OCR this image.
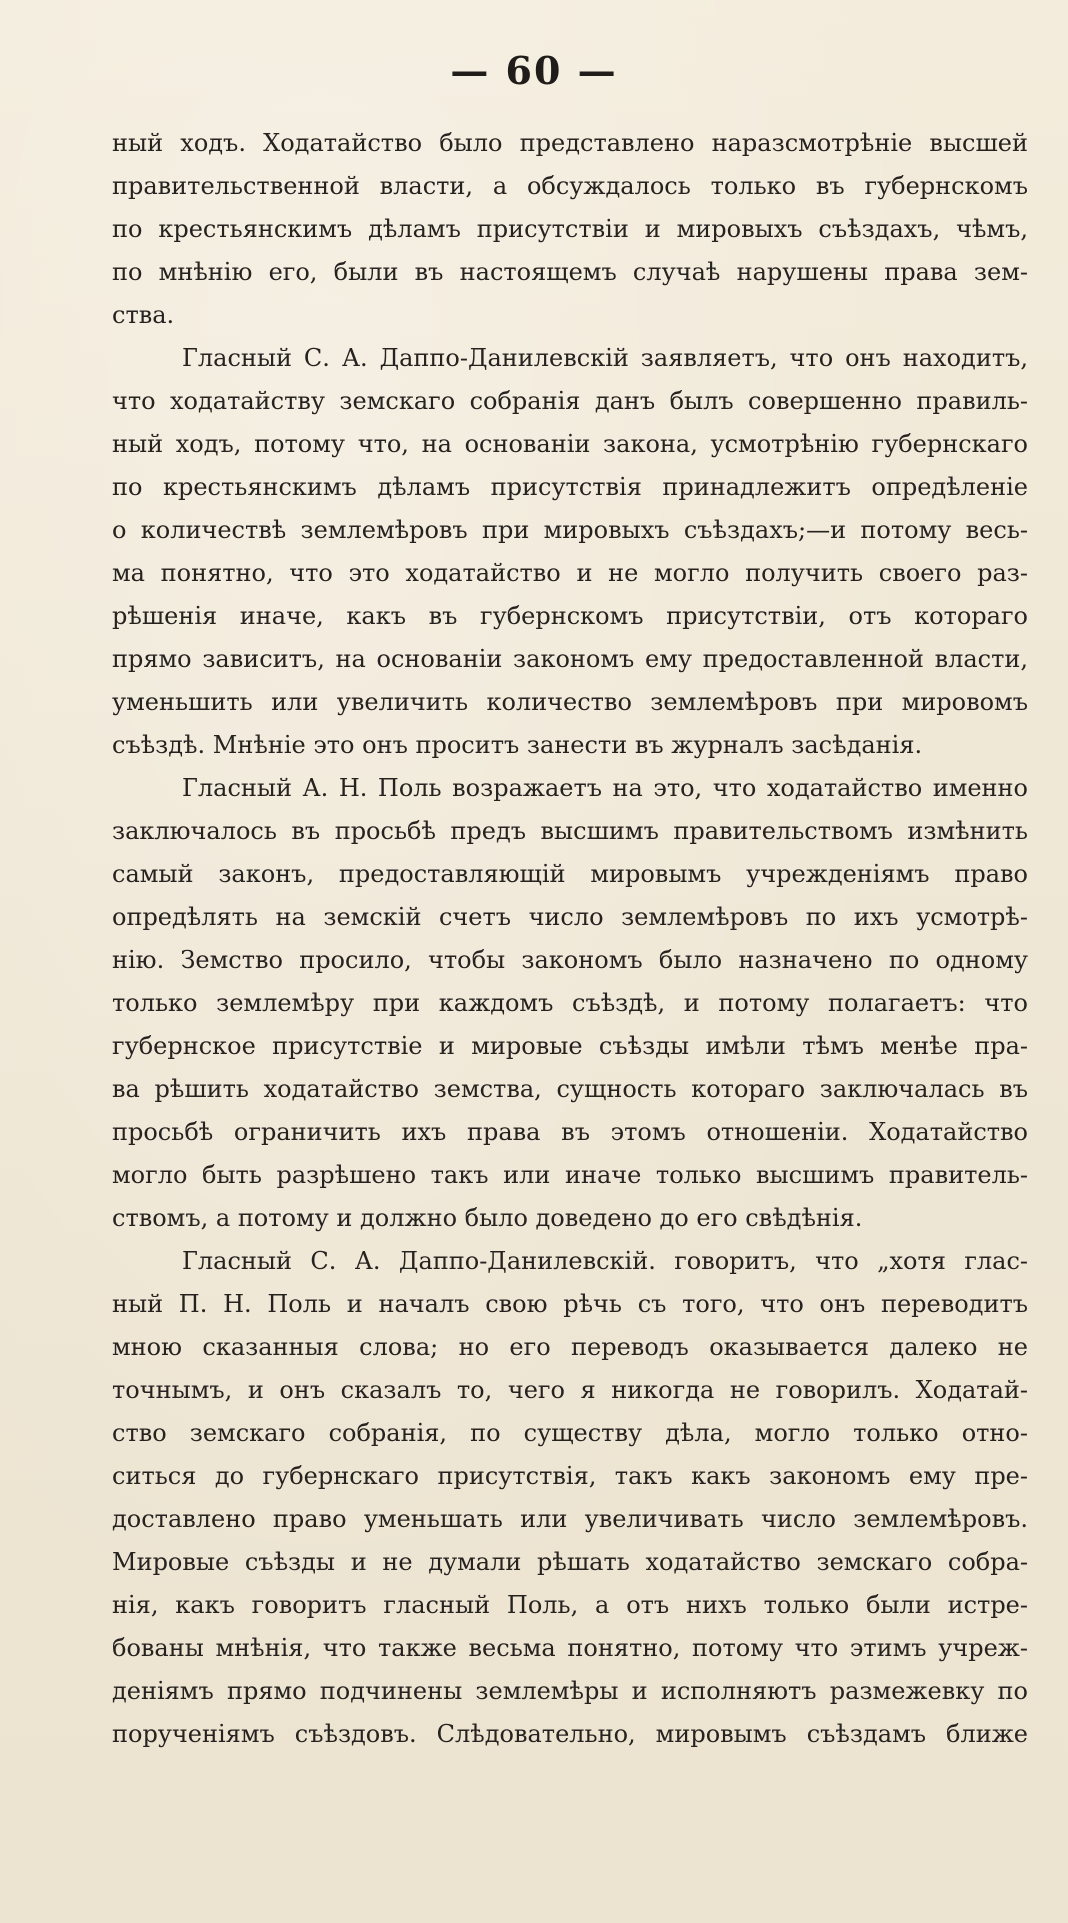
— 60 —
ный ходъ. Ходатайство было представлено наразсмотрѣніе высшей
правительственной власти, а обсуждалось только въ губернскомъ
по крестьянскимъ дѣламъ присутствіи и мировыхъ съѣздахъ, чѣмъ,
по мнѣнію его, были въ настоящемъ случаѣ нарушены права зем-
ства.
Гласный С. А. Даппо-Данилевскій заявляетъ, что онъ находитъ,
что ходатайству земскаго собранія данъ былъ совершенно правиль-
ный ходъ, потому что, на основаніи закона, усмотрѣнію губернскаго
по крестьянскимъ дѣламъ присутствія принадлежитъ опредѣленіе
о количествѣ землемѣровъ при мировыхъ съѣздахъ;—и потому весь-
ма понятно, что это ходатайство и не могло получить своего раз-
рѣшенія иначе, какъ въ губернскомъ присутствіи, отъ котораго
прямо зависитъ, на основаніи закономъ ему предоставленной власти,
уменьшить или увеличить количество землемѣровъ при мировомъ
съѣздѣ. Мнѣніе это онъ проситъ занести въ журналъ засѣданія.
Гласный А. Н. Поль возражаетъ на это, что ходатайство именно
заключалось въ просьбѣ предъ высшимъ правительствомъ измѣнить
самый законъ, предоставляющій мировымъ учрежденіямъ право
опредѣлять на земскій счетъ число землемѣровъ по ихъ усмотрѣ-
нію. Земство просило, чтобы закономъ было назначено по одному
только землемѣру при каждомъ съѣздѣ, и потому полагаетъ: что
губернское присутствіе и мировые съѣзды имѣли тѣмъ менѣе пра-
ва рѣшить ходатайство земства, сущность котораго заключалась въ
просьбѣ ограничить ихъ права въ этомъ отношеніи. Ходатайство
могло быть разрѣшено такъ или иначе только высшимъ правитель-
ствомъ, а потому и должно было доведено до его свѣдѣнія.
Гласный С. А. Даппо-Данилевскій. говоритъ, что „хотя глас-
ный П. Н. Поль и началъ свою рѣчь съ того, что онъ переводитъ
мною сказанныя слова; но его переводъ оказывается далеко не
точнымъ, и онъ сказалъ то, чего я никогда не говорилъ. Ходатай-
ство земскаго собранія, по существу дѣла, могло только отно-
ситься до губернскаго присутствія, такъ какъ закономъ ему пре-
доставлено право уменьшать или увеличивать число землемѣровъ.
Мировые съѣзды и не думали рѣшать ходатайство земскаго собра-
нія, какъ говоритъ гласный Поль, а отъ нихъ только были истре-
бованы мнѣнія, что также весьма понятно, потому что этимъ учреж-
деніямъ прямо подчинены землемѣры и исполняютъ размежевку по
порученіямъ съѣздовъ. Слѣдовательно, мировымъ съѣздамъ ближе
